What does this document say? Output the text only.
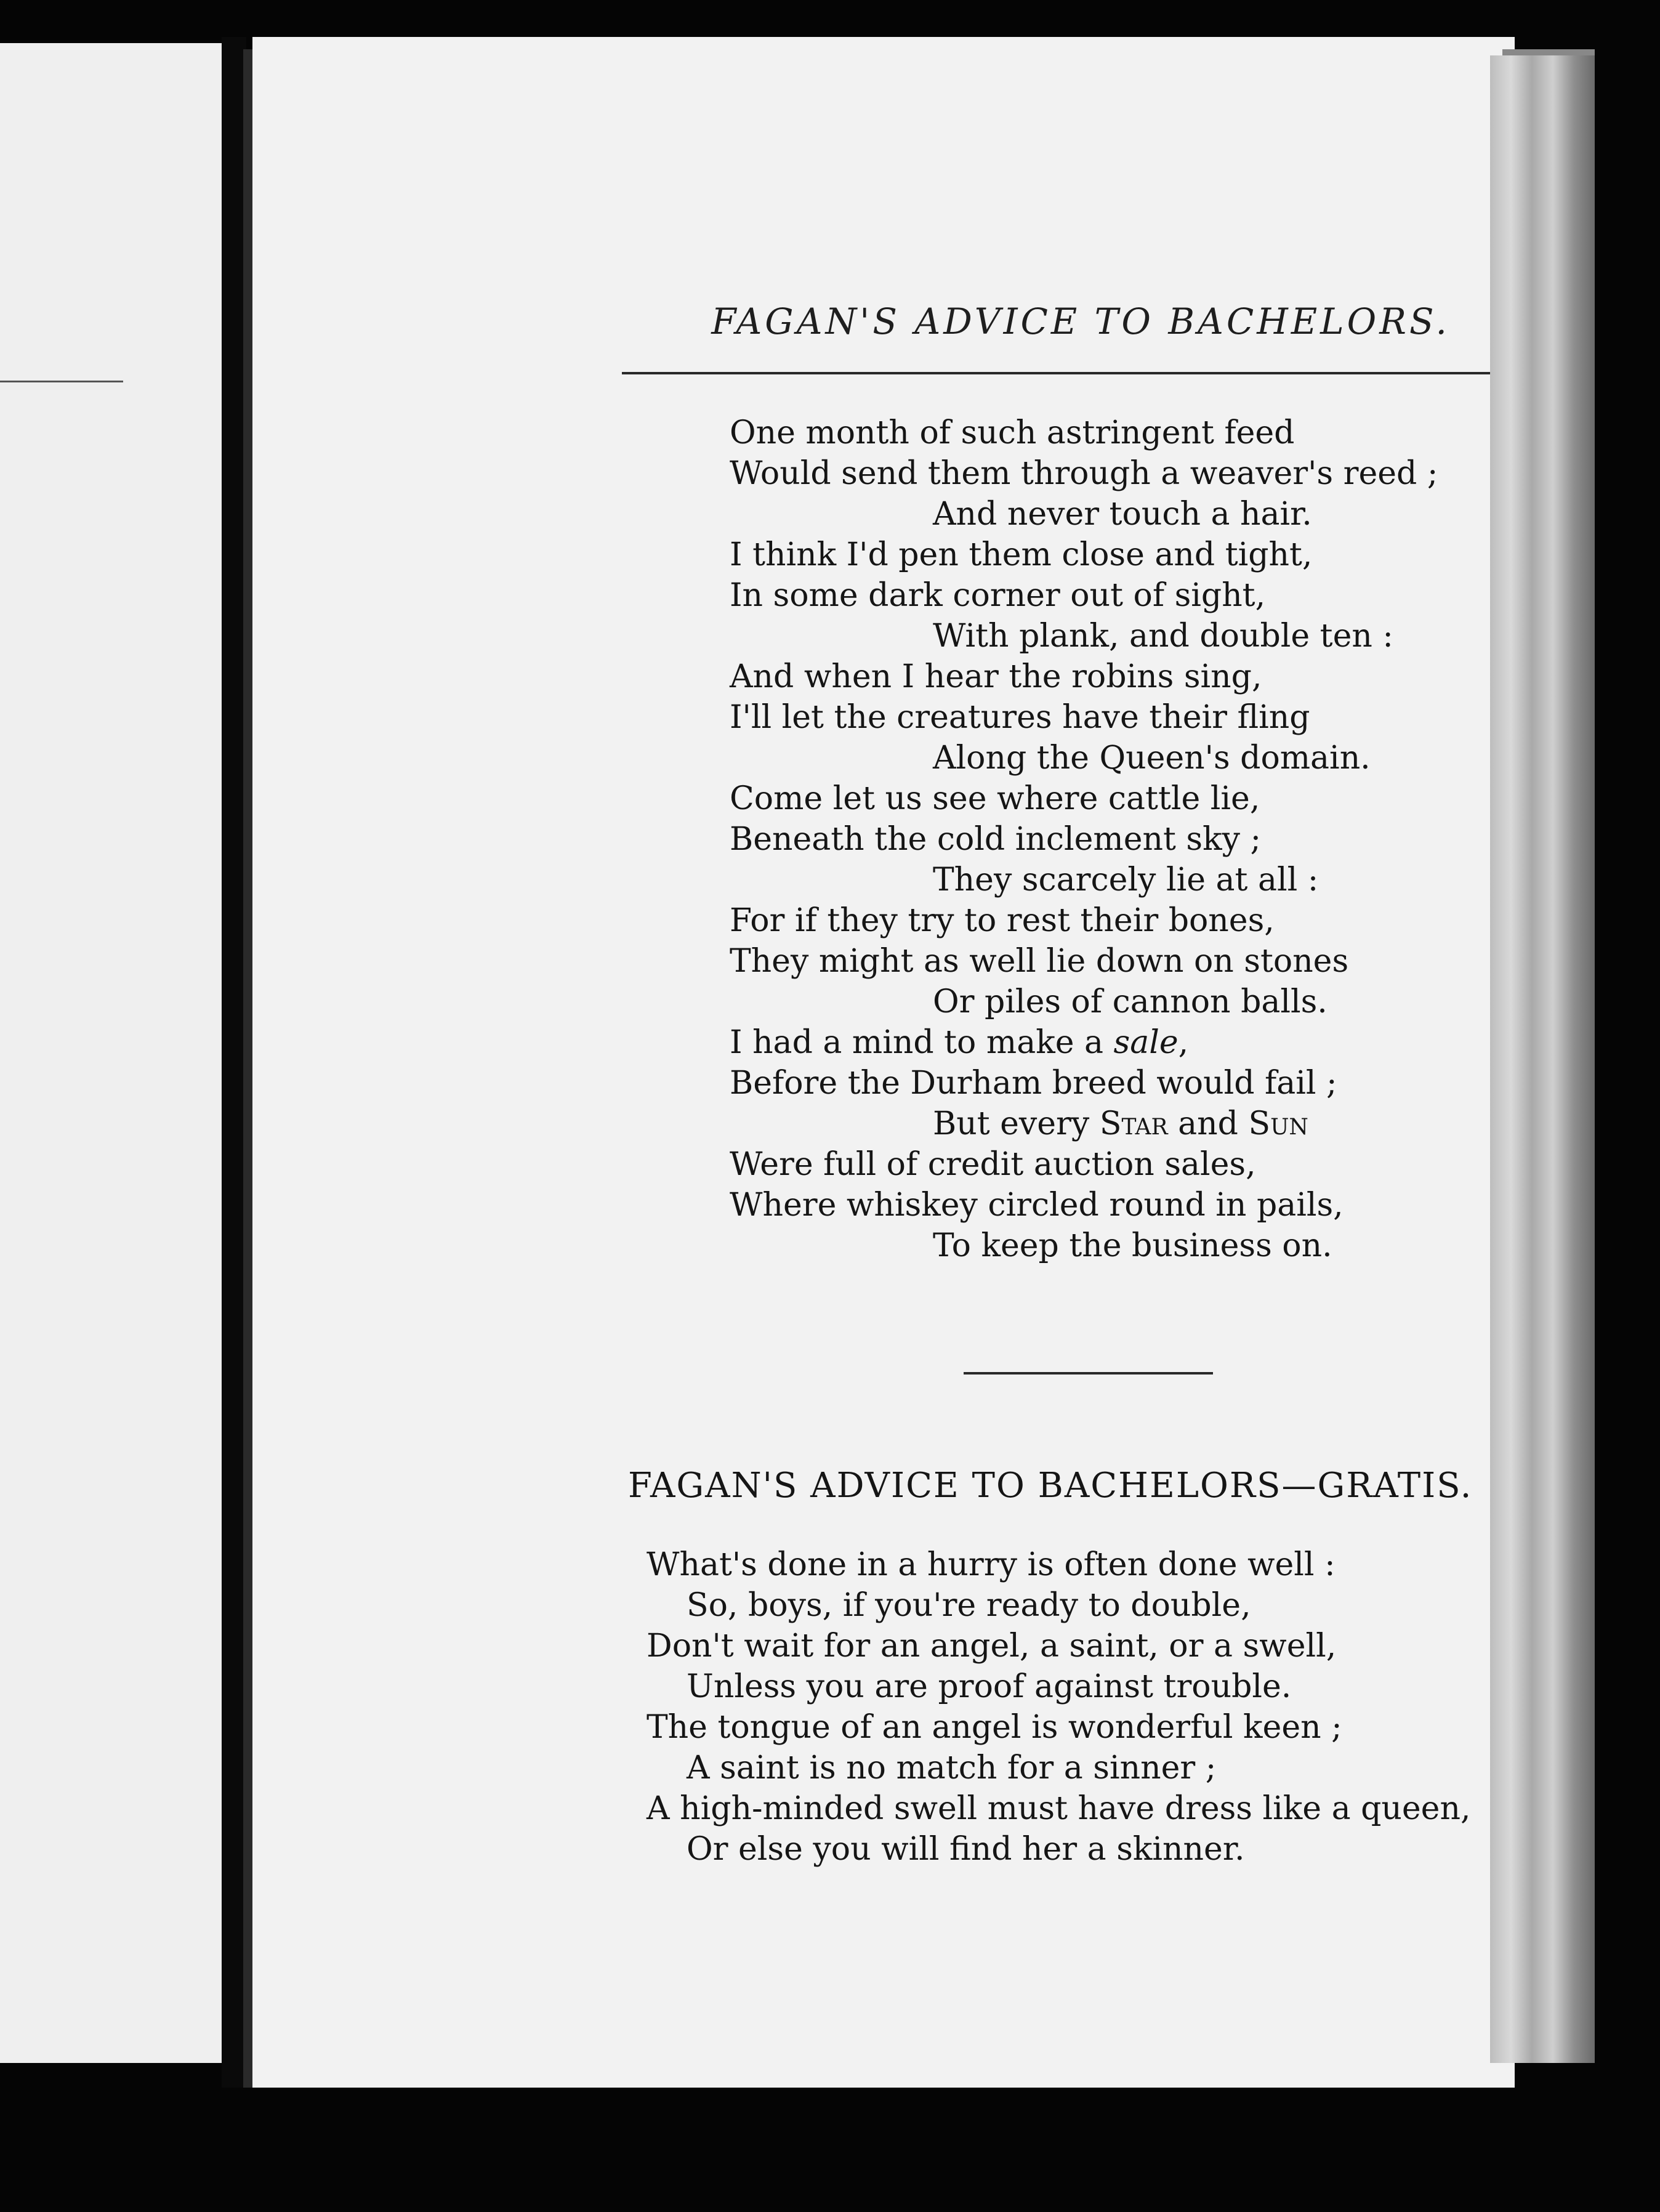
FAGAN'S ADVICE TO BACHELORS.
One month of such astringent feed
Would send them through a weaver's reed ;
And never touch a hair.
I think I'd pen them close and tight,
In some dark corner out of sight,
With plank, and double ten :
And when I hear the robins sing,
I'll let the creatures have their fling
Along the Queen's domain.
Come let us see where cattle lie,
Beneath the cold inclement sky ;
They scarcely lie at all :
For if they try to rest their bones,
They might as well lie down on stones
Or piles of cannon balls.
I had a mind to make a sale,
Before the Durham breed would fail ;
But every Star and Sun
Were full of credit auction sales,
Where whiskey circled round in pails,
To keep the business on.
FAGAN'S ADVICE TO BACHELORS—GRATIS.
What's done in a hurry is often done well :
So, boys, if you're ready to double,
Don't wait for an angel, a saint, or a swell,
Unless you are proof against trouble.
The tongue of an angel is wonderful keen ;
A saint is no match for a sinner ;
A high-minded swell must have dress like a queen,
Or else you will find her a skinner.
